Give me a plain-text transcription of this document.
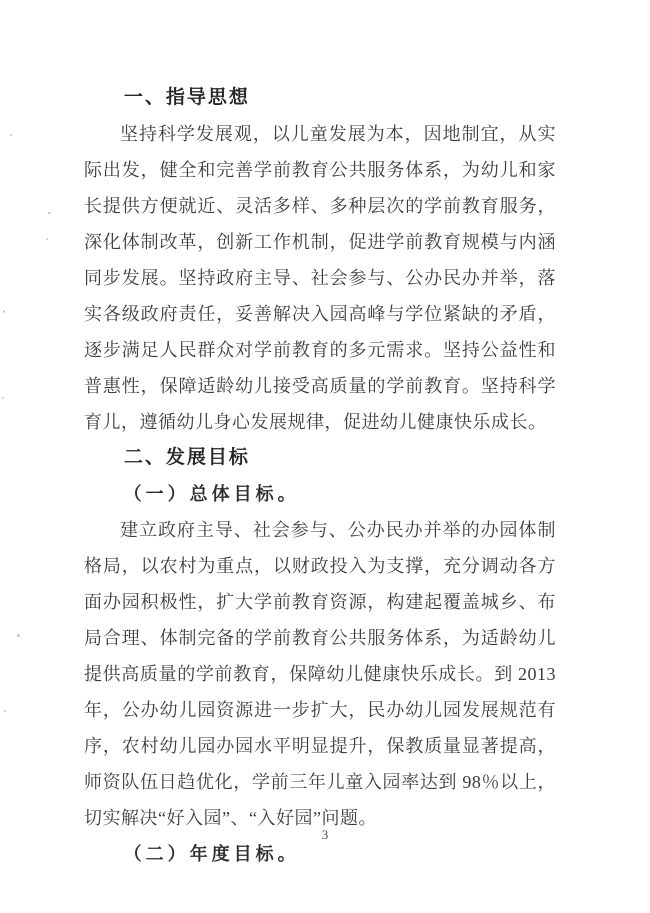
一、指导思想

坚持科学发展观，以儿童发展为本，因地制宜，从实际出发，健全和完善学前教育公共服务体系，为幼儿和家长提供方便就近、灵活多样、多种层次的学前教育服务，深化体制改革，创新工作机制，促进学前教育规模与内涵同步发展。坚持政府主导、社会参与、公办民办并举，落实各级政府责任，妥善解决入园高峰与学位紧缺的矛盾，逐步满足人民群众对学前教育的多元需求。坚持公益性和普惠性，保障适龄幼儿接受高质量的学前教育。坚持科学育儿，遵循幼儿身心发展规律，促进幼儿健康快乐成长。

二、发展目标
（一）总体目标。

建立政府主导、社会参与、公办民办并举的办园体制格局，以农村为重点，以财政投入为支撑，充分调动各方面办园积极性，扩大学前教育资源，构建起覆盖城乡、布局合理、体制完备的学前教育公共服务体系，为适龄幼儿提供高质量的学前教育，保障幼儿健康快乐成长。到 2013 年，公办幼儿园资源进一步扩大，民办幼儿园发展规范有序，农村幼儿园办园水平明显提升，保教质量显著提高，师资队伍日趋优化，学前三年儿童入园率达到 98％以上，切实解决“好入园”、“入好园”问题。

（二）年度目标。
3
